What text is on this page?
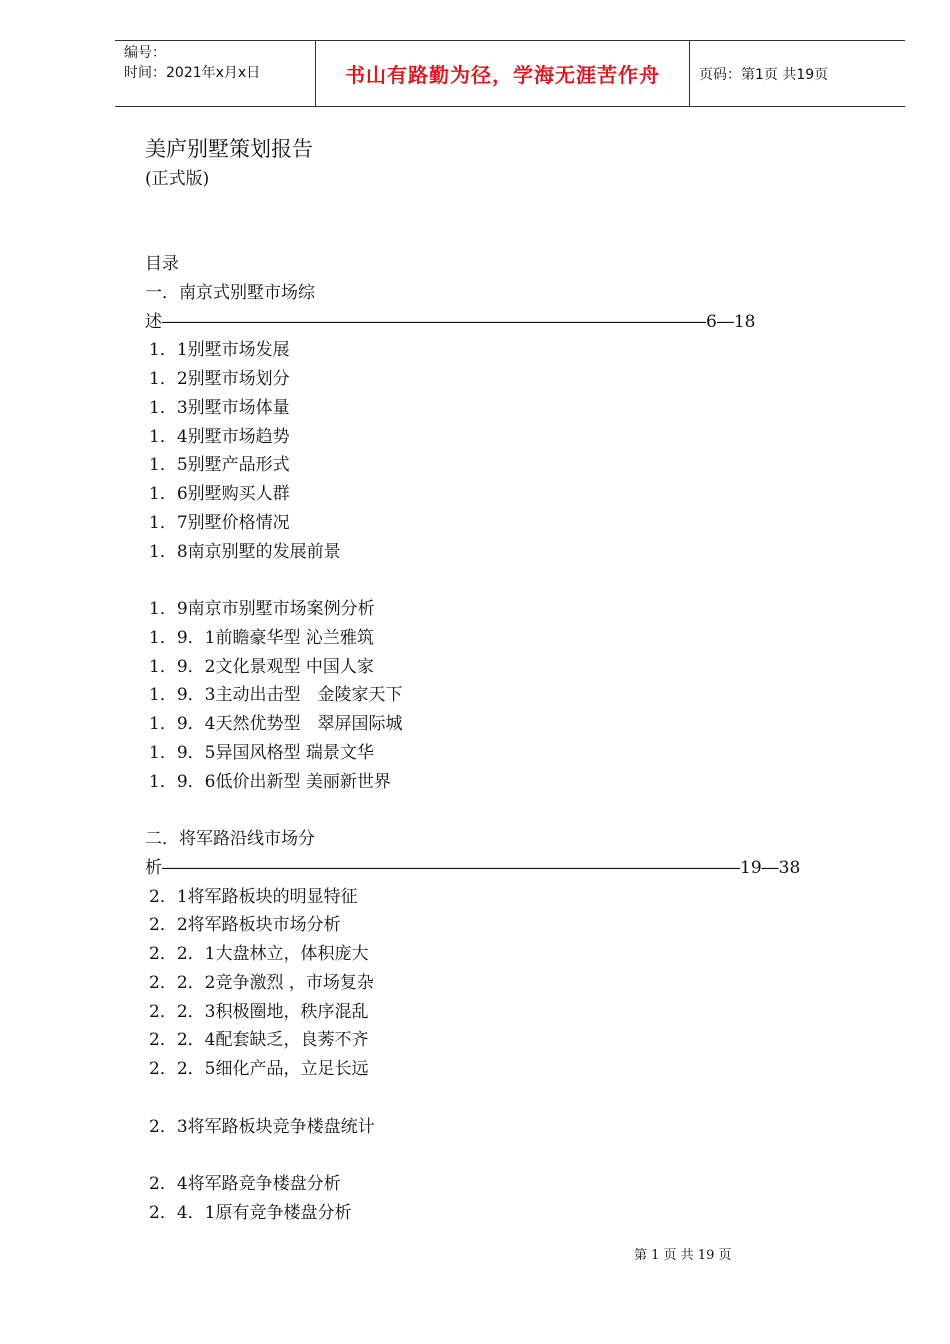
编号：
时间：2021年x月x日	书山有路勤为径，学海无涯苦作舟	页码：第1页 共19页
美庐别墅策划报告
(正式版)
目录
一．南京式别墅市场综
述――――――――――――――――――――――――――――――――6―18
1．1别墅市场发展
1．2别墅市场划分
1．3别墅市场体量
1．4别墅市场趋势
1．5别墅产品形式
1．6别墅购买人群
1．7别墅价格情况
1．8南京别墅的发展前景
1．9南京市别墅市场案例分析
1．9．1前瞻豪华型 沁兰雅筑
1．9．2文化景观型 中国人家
1．9．3主动出击型　金陵家天下
1．9．4天然优势型　翠屏国际城
1．9．5异国风格型 瑞景文华
1．9．6低价出新型 美丽新世界
二．将军路沿线市场分
析――――――――――――――――――――――――――――――――――19―38
2．1将军路板块的明显特征
2．2将军路板块市场分析
2．2．1大盘林立，体积庞大
2．2．2竞争激烈 ，市场复杂
2．2．3积极圈地，秩序混乱
2．2．4配套缺乏，良莠不齐
2．2．5细化产品，立足长远
2．3将军路板块竞争楼盘统计
2．4将军路竞争楼盘分析
2．4．1原有竞争楼盘分析
第 1 页 共 19 页
